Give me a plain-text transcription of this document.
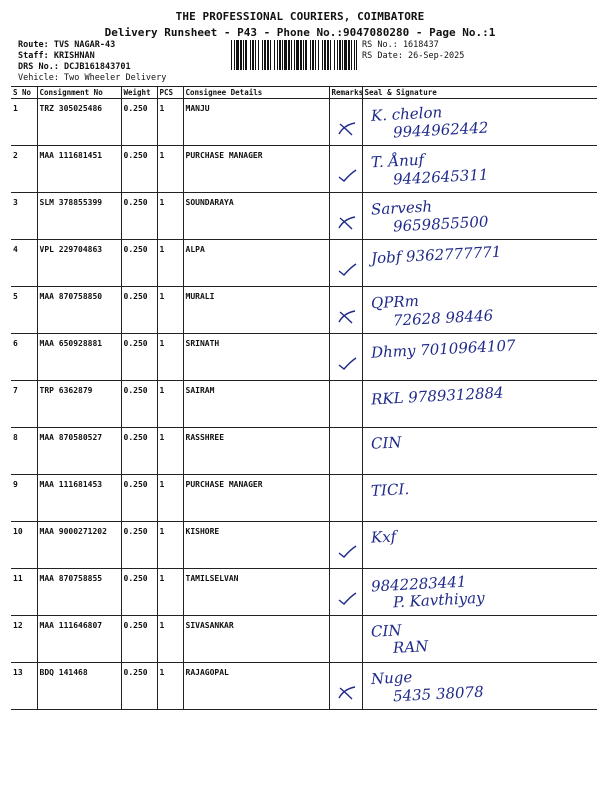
THE PROFESSIONAL COURIERS, COIMBATORE
Delivery Runsheet - P43 - Phone No.:9047080280 - Page No.:1
Route: TVS NAGAR-43
Staff: KRISHNAN
DRS No.: DCJB161843701
Vehicle: Two Wheeler Delivery
RS No.: 1618437
RS Date: 26-Sep-2025
S No	Consignment No	Weight	PCS	Consignee Details	Remarks	Seal & Signature
1	TRZ 305025486	0.250	1	MANJU		K. chelon
9944962442

2	MAA 111681451	0.250	1	PURCHASE MANAGER		T. Ånuf
9442645311

3	SLM 378855399	0.250	1	SOUNDARAYA		Sarvesh
9659855500

4	VPL 229704863	0.250	1	ALPA		Jobf 9362777771

5	MAA 870758850	0.250	1	MURALI		QPRm
72628 98446

6	MAA 650928881	0.250	1	SRINATH		Dhmy 7010964107

7	TRP 6362879	0.250	1	SAIRAM		RKL 9789312884

8	MAA 870580527	0.250	1	RASSHREE		CIN

9	MAA 111681453	0.250	1	PURCHASE MANAGER		TICI.

10	MAA 9000271202	0.250	1	KISHORE		Kxf

11	MAA 870758855	0.250	1	TAMILSELVAN		9842283441
P. Kavthiyay

12	MAA 111646807	0.250	1	SIVASANKAR		CIN
RAN

13	BDQ 141468	0.250	1	RAJAGOPAL		Nuge
5435 38078
